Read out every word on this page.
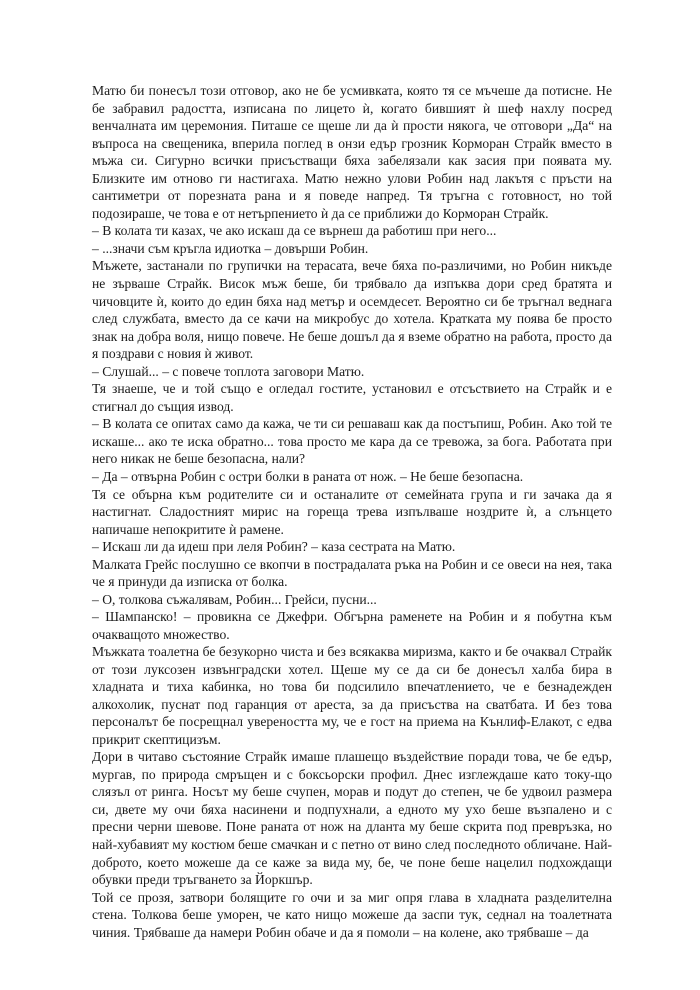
Матю би понесъл този отговор, ако не бе усмивката, която тя се мъчеше да потисне. Не бе забравил радостта, изписана по лицето ѝ, когато бившият ѝ шеф нахлу посред венчалната им церемония. Питаше се щеше ли да ѝ прости някога, че отговори „Да“ на въпроса на свещеника, вперила поглед в онзи едър грозник Корморан Страйк вместо в мъжа си. Сигурно всички присъстващи бяха забелязали как засия при появата му. Близките им отново ги настигаха. Матю нежно улови Робин над лакътя с пръсти на сантиметри от порезната рана и я поведе напред. Тя тръгна с готовност, но той подозираше, че това е от нетърпението ѝ да се приближи до Корморан Страйк.

– В колата ти казах, че ако искаш да се върнеш да работиш при него...

– ...значи съм кръгла идиотка – довърши Робин.

Мъжете, застанали по групички на терасата, вече бяха по-различими, но Робин никъде не зърваше Страйк. Висок мъж беше, би трябвало да изпъква дори сред братята и чичовците ѝ, които до един бяха над метър и осемдесет. Вероятно си бе тръгнал веднага след службата, вместо да се качи на микробус до хотела. Кратката му поява бе просто знак на добра воля, нищо повече. Не беше дошъл да я вземе обратно на работа, просто да я поздрави с новия ѝ живот.

– Слушай... – с повече топлота заговори Матю.

Тя знаеше, че и той също е огледал гостите, установил е отсъствието на Страйк и е стигнал до същия извод.

– В колата се опитах само да кажа, че ти си решаваш как да постъпиш, Робин. Ако той те искаше... ако те иска обратно... това просто ме кара да се тревожа, за бога. Работата при него никак не беше безопасна, нали?

– Да – отвърна Робин с остри болки в раната от нож. – Не беше безопасна.

Тя се обърна към родителите си и останалите от семейната група и ги зачака да я настигнат. Сладостният мирис на гореща трева изпълваше ноздрите ѝ, а слънцето напичаше непокритите ѝ рамене.

– Искаш ли да идеш при леля Робин? – каза сестрата на Матю.

Малката Грейс послушно се вкопчи в пострадалата ръка на Робин и се овеси на нея, така че я принуди да изписка от болка.

– О, толкова съжалявам, Робин... Грейси, пусни...

– Шампанско! – провикна се Джефри. Обгърна раменете на Робин и я побутна към очакващото множество.

Мъжката тоалетна бе безукорно чиста и без всякаква миризма, както и бе очаквал Страйк от този луксозен извънградски хотел. Щеше му се да си бе донесъл халба бира в хладната и тиха кабинка, но това би подсилило впечатлението, че е безнадежден алкохолик, пуснат под гаранция от ареста, за да присъства на сватбата. И без това персоналът бе посрещнал увереността му, че е гост на приема на Кънлиф-Елакот, с едва прикрит скептицизъм.

Дори в читаво състояние Страйк имаше плашещо въздействие поради това, че бе едър, мургав, по природа смръщен и с боксьорски профил. Днес изглеждаше като току-що слязъл от ринга. Носът му беше счупен, морав и подут до степен, че бе удвоил размера си, двете му очи бяха насинени и подпухнали, а едното му ухо беше възпалено и с пресни черни шевове. Поне раната от нож на дланта му беше скрита под превръзка, но най-хубавият му костюм беше смачкан и с петно от вино след последното обличане. Най-доброто, което можеше да се каже за вида му, бе, че поне беше нацелил подхождащи обувки преди тръгването за Йоркшър.

Той се прозя, затвори болящите го очи и за миг опря глава в хладната разделителна стена. Толкова беше уморен, че като нищо можеше да заспи тук, седнал на тоалетната чиния. Трябваше да намери Робин обаче и да я помоли – на колене, ако трябваше – да
